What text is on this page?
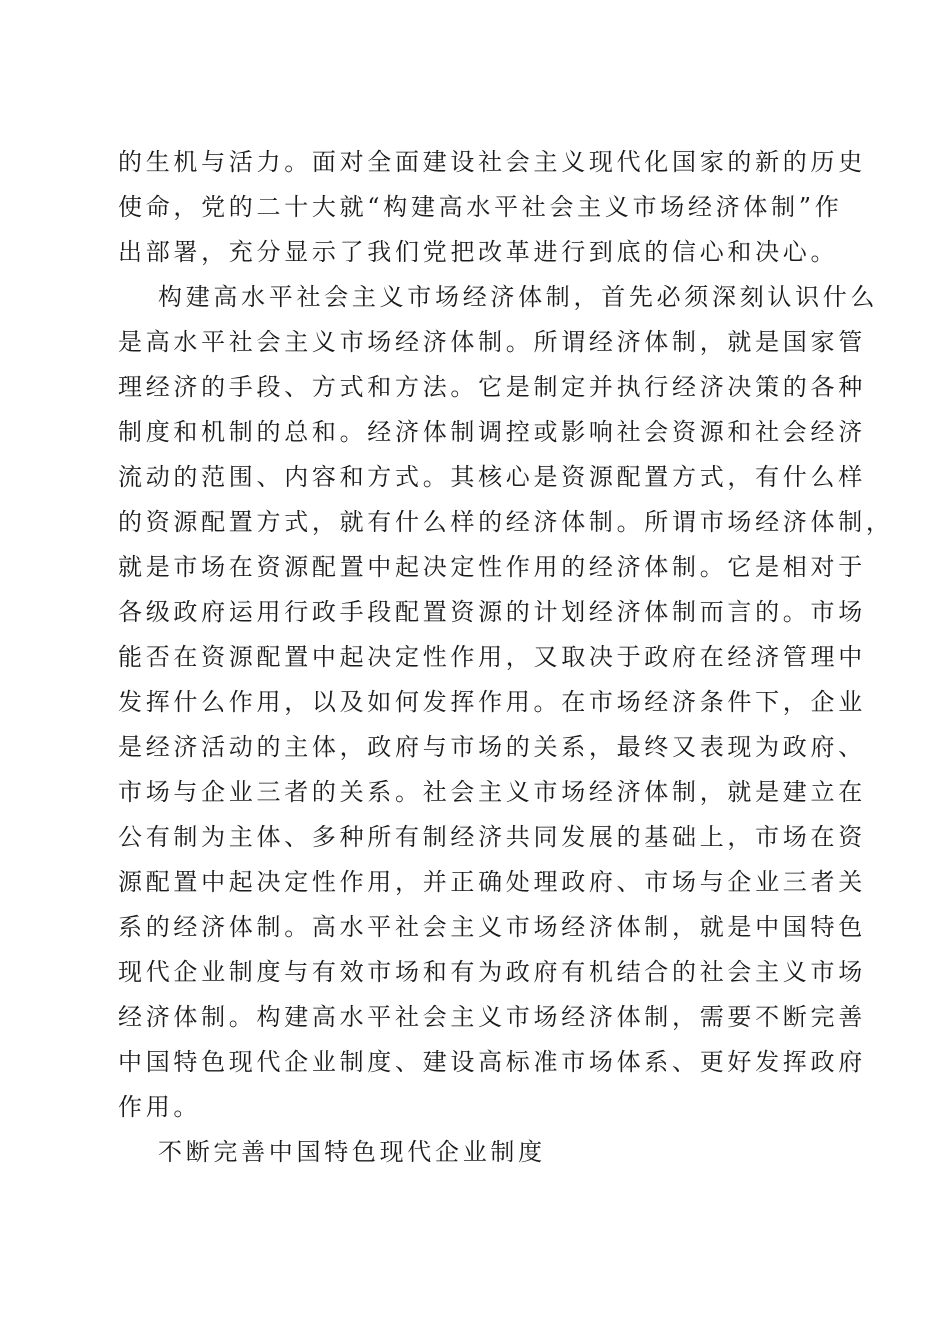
的生机与活力。面对全面建设社会主义现代化国家的新的历史
使命，党的二十大就“构建高水平社会主义市场经济体制”作
出部署，充分显示了我们党把改革进行到底的信心和决心。
构建高水平社会主义市场经济体制，首先必须深刻认识什么
是高水平社会主义市场经济体制。所谓经济体制，就是国家管
理经济的手段、方式和方法。它是制定并执行经济决策的各种
制度和机制的总和。经济体制调控或影响社会资源和社会经济
流动的范围、内容和方式。其核心是资源配置方式，有什么样
的资源配置方式，就有什么样的经济体制。所谓市场经济体制，
就是市场在资源配置中起决定性作用的经济体制。它是相对于
各级政府运用行政手段配置资源的计划经济体制而言的。市场
能否在资源配置中起决定性作用，又取决于政府在经济管理中
发挥什么作用，以及如何发挥作用。在市场经济条件下，企业
是经济活动的主体，政府与市场的关系，最终又表现为政府、
市场与企业三者的关系。社会主义市场经济体制，就是建立在
公有制为主体、多种所有制经济共同发展的基础上，市场在资
源配置中起决定性作用，并正确处理政府、市场与企业三者关
系的经济体制。高水平社会主义市场经济体制，就是中国特色
现代企业制度与有效市场和有为政府有机结合的社会主义市场
经济体制。构建高水平社会主义市场经济体制，需要不断完善
中国特色现代企业制度、建设高标准市场体系、更好发挥政府
作用。
不断完善中国特色现代企业制度
